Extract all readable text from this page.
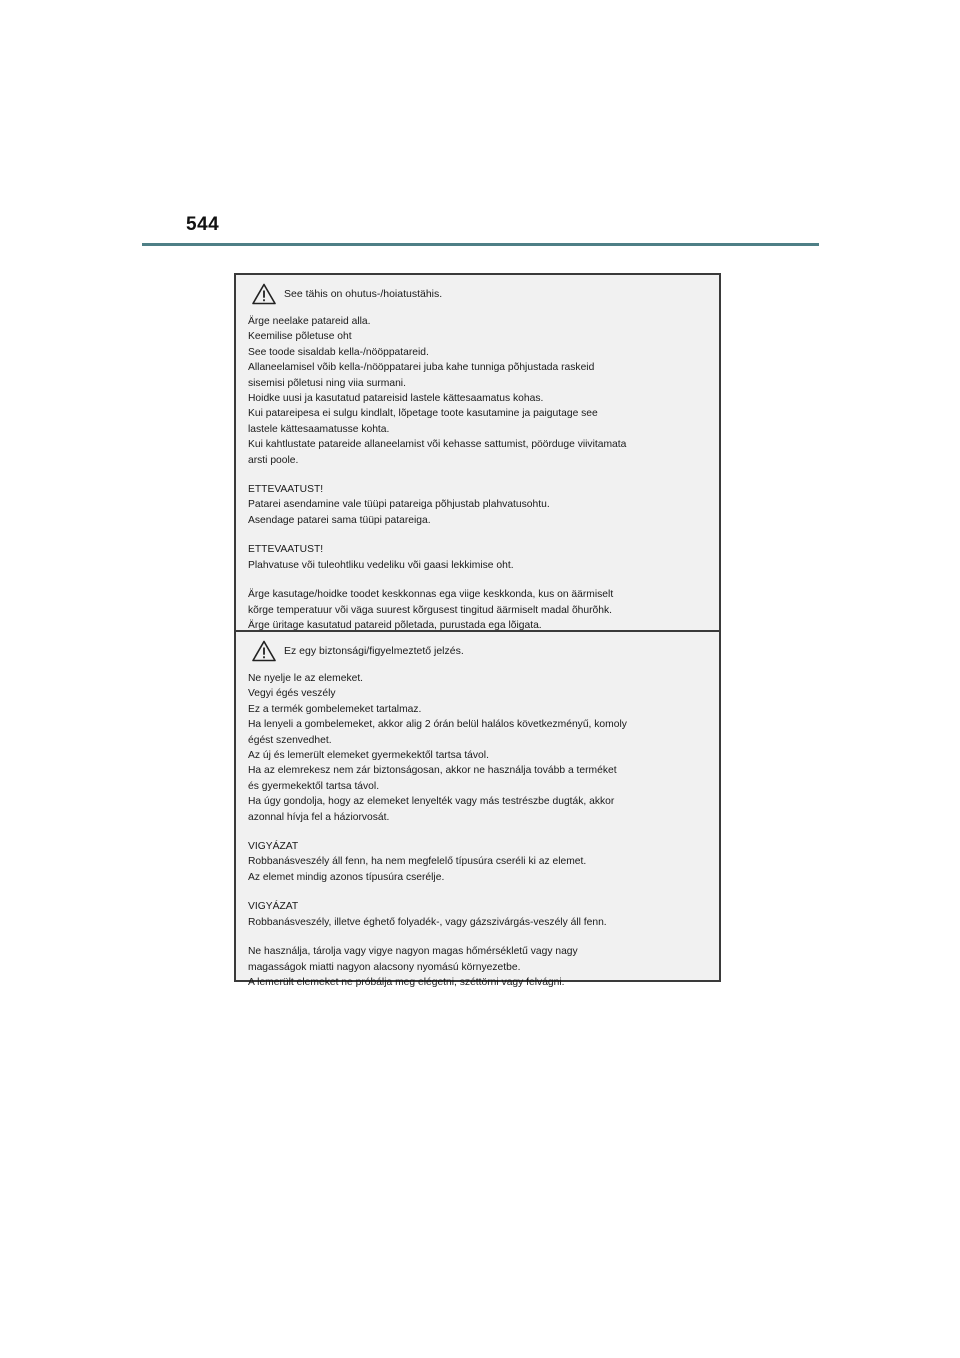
544
See tähis on ohutus-/hoiatustähis.

Ärge neelake patareid alla.
Keemilise põletuse oht
See toode sisaldab kella-/nööppatareid.
Allaneelamisel võib kella-/nööppatarei juba kahe tunniga põhjustada raskeid
sisemisi põletusi ning viia surmani.
Hoidke uusi ja kasutatud patareisid lastele kättesaamatus kohas.
Kui patareipesa ei sulgu kindlalt, lõpetage toote kasutamine ja paigutage see
lastele kättesaamatusse kohta.
Kui kahtlustate patareide allaneelamist või kehasse sattumist, pöörduge viivitamata
arsti poole.

ETTEVAATUST!
Patarei asendamine vale tüüpi patareiga põhjustab plahvatusohtu.
Asendage patarei sama tüüpi patareiga.

ETTEVAATUST!
Plahvatuse või tuleohtliku vedeliku või gaasi lekkimise oht.

Ärge kasutage/hoidke toodet keskkonnas ega viige keskkonda, kus on äärmiselt
kõrge temperatuur või väga suurest kõrgusest tingitud äärmiselt madal õhurõhk.
Ärge üritage kasutatud patareid põletada, purustada ega lõigata.

Ez egy biztonsági/figyelmeztető jelzés.

Ne nyelje le az elemeket.
Vegyi égés veszély
Ez a termék gombelemeket tartalmaz.
Ha lenyeli a gombelemeket, akkor alig 2 órán belül halálos következményű, komoly
égést szenvedhet.
Az új és lemerült elemeket gyermekektől tartsa távol.
Ha az elemrekesz nem zár biztonságosan, akkor ne használja tovább a terméket
és gyermekektől tartsa távol.
Ha úgy gondolja, hogy az elemeket lenyelték vagy más testrészbe dugták, akkor
azonnal hívja fel a háziorvosát.

VIGYÁZAT
Robbanásveszély áll fenn, ha nem megfelelő típusúra cseréli ki az elemet.
Az elemet mindig azonos típusúra cserélje.

VIGYÁZAT
Robbanásveszély, illetve éghető folyadék-, vagy gázszivárgás-veszély áll fenn.

Ne használja, tárolja vagy vigye nagyon magas hőmérsékletű vagy nagy
magasságok miatti nagyon alacsony nyomású környezetbe.
A lemerült elemeket ne próbálja meg elégetni, széttörni vagy felvágni.
